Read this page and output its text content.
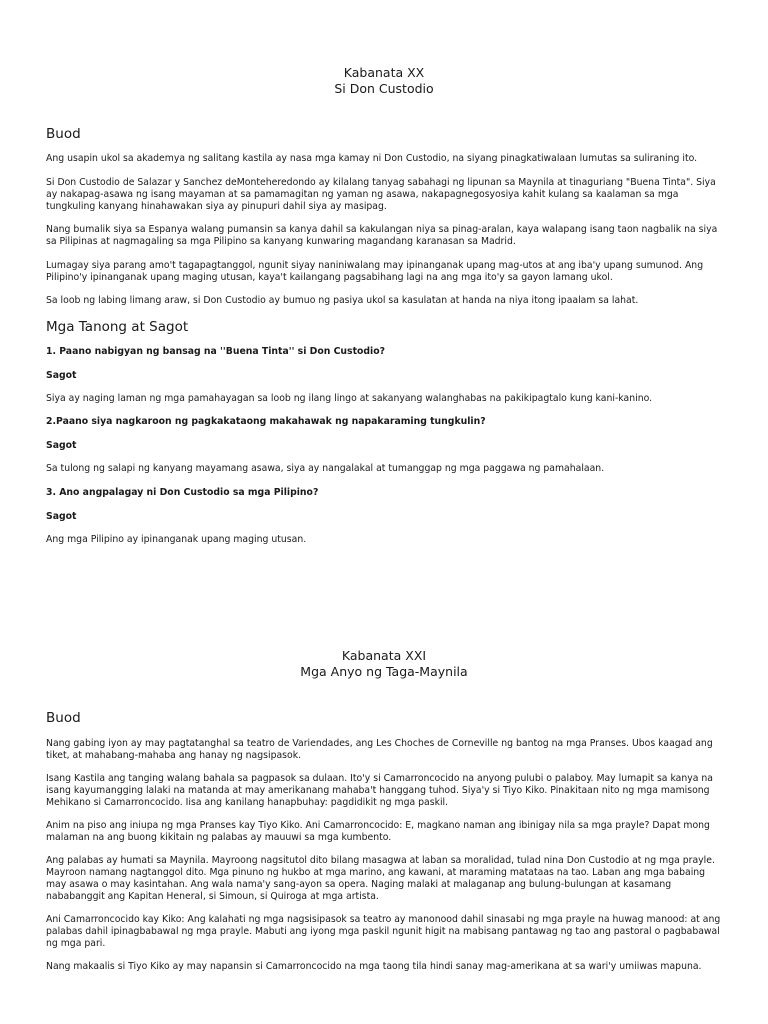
Kabanata XX
Si Don Custodio
Buod

Ang usapin ukol sa akademya ng salitang kastila ay nasa mga kamay ni Don Custodio, na siyang pinagkatiwalaan lumutas sa suliraning ito.

Si Don Custodio de Salazar y Sanchez deMonteheredondo ay kilalang tanyag sabahagi ng lipunan sa Maynila at tinaguriang "Buena Tinta". Siya ay nakapag-asawa ng isang mayaman at sa pamamagitan ng yaman ng asawa, nakapagnegosyosiya kahit kulang sa kaalaman sa mga tungkuling kanyang hinahawakan siya ay pinupuri dahil siya ay masipag.

Nang bumalik siya sa Espanya walang pumansin sa kanya dahil sa kakulangan niya sa pinag-aralan, kaya walapang isang taon nagbalik na siya sa Pilipinas at nagmagaling sa mga Pilipino sa kanyang kunwaring magandang karanasan sa Madrid.

Lumagay siya parang amo't tagapagtanggol, ngunit siyay naniniwalang may ipinanganak upang mag-utos at ang iba'y upang sumunod. Ang Pilipino'y ipinanganak upang maging utusan, kaya't kailangang pagsabihang lagi na ang mga ito'y sa gayon lamang ukol.

Sa loob ng labing limang araw, si Don Custodio ay bumuo ng pasiya ukol sa kasulatan at handa na niya itong ipaalam sa lahat.

Mga Tanong at Sagot
1. Paano nabigyan ng bansag na ''Buena Tinta'' si Don Custodio?
Sagot

Siya ay naging laman ng mga pamahayagan sa loob ng ilang lingo at sakanyang walanghabas na pakikipagtalo kung kani-kanino.

2.Paano siya nagkaroon ng pagkakataong makahawak ng napakaraming tungkulin?
Sagot

Sa tulong ng salapi ng kanyang mayamang asawa, siya ay nangalakal at tumanggap ng mga paggawa ng pamahalaan.

3. Ano angpalagay ni Don Custodio sa mga Pilipino?
Sagot

Ang mga Pilipino ay ipinanganak upang maging utusan.

Kabanata XXI
Mga Anyo ng Taga-Maynila
Buod

Nang gabing iyon ay may pagtatanghal sa teatro de Variendades, ang Les Choches de Corneville ng bantog na mga Pranses. Ubos kaagad ang tiket, at mahabang-mahaba ang hanay ng nagsipasok.

Isang Kastila ang tanging walang bahala sa pagpasok sa dulaan. Ito'y si Camarroncocido na anyong pulubi o palaboy. May lumapit sa kanya na isang kayumangging lalaki na matanda at may amerikanang mahaba't hanggang tuhod. Siya'y si Tiyo Kiko. Pinakitaan nito ng mga mamisong Mehikano si Camarroncocido. Iisa ang kanilang hanapbuhay: pagdidikit ng mga paskil.

Anim na piso ang iniupa ng mga Pranses kay Tiyo Kiko. Ani Camarroncocido: E, magkano naman ang ibinigay nila sa mga prayle? Dapat mong malaman na ang buong kikitain ng palabas ay mauuwi sa mga kumbento.

Ang palabas ay humati sa Maynila. Mayroong nagsitutol dito bilang masagwa at laban sa moralidad, tulad nina Don Custodio at ng mga prayle. Mayroon namang nagtanggol dito. Mga pinuno ng hukbo at mga marino, ang kawani, at maraming matataas na tao. Laban ang mga babaing may asawa o may kasintahan. Ang wala nama'y sang-ayon sa opera. Naging malaki at malaganap ang bulung-bulungan at kasamang nababanggit ang Kapitan Heneral, si Simoun, si Quiroga at mga artista.

Ani Camarroncocido kay Kiko: Ang kalahati ng mga nagsisipasok sa teatro ay manonood dahil sinasabi ng mga prayle na huwag manood: at ang palabas dahil ipinagbabawal ng mga prayle. Mabuti ang iyong mga paskil ngunit higit na mabisang pantawag ng tao ang pastoral o pagbabawal ng mga pari.

Nang makaalis si Tiyo Kiko ay may napansin si Camarroncocido na mga taong tila hindi sanay mag-amerikana at sa wari'y umiiwas mapuna.
